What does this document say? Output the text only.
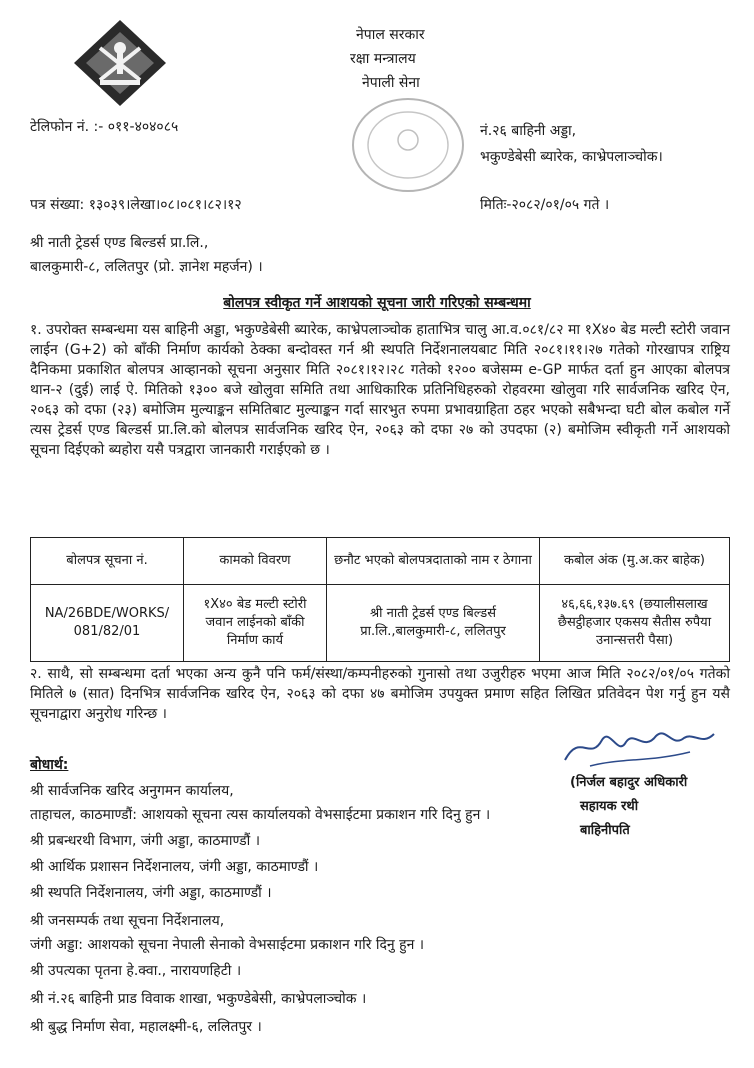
नेपाल सरकार
रक्षा मन्त्रालय
नेपाली सेना
टेलिफोन नं. :- ०११-४०४०८५	नं.२६ बाहिनी अड्डा,
भकुण्डेबेसी ब्यारेक, काभ्रेपलाञ्चोक।
पत्र संख्या: १३०३९।लेखा।०८।०८१।८२।१२	मितिः-२०८२/०१/०५ गते ।
श्री नाती ट्रेडर्स एण्ड बिल्डर्स प्रा.लि.,
बालकुमारी-८, ललितपुर (प्रो. ज्ञानेश महर्जन) ।
बोलपत्र स्वीकृत गर्ने आशयको सूचना जारी गरिएको सम्बन्धमा
१. उपरोक्त सम्बन्धमा यस बाहिनी अड्डा, भकुण्डेबेसी ब्यारेक, काभ्रेपलाञ्चोक हाताभित्र चालु आ.व.०८१/८२ मा १X४० बेड मल्टी स्टोरी जवान लाईन (G+2) को बाँकी निर्माण कार्यको ठेक्का बन्दोवस्त गर्न श्री स्थपति निर्देशनालयबाट मिति २०८१।११।२७ गतेको गोरखापत्र राष्ट्रिय दैनिकमा प्रकाशित बोलपत्र आव्हानको सूचना अनुसार मिति २०८१।१२।२८ गतेको १२०० बजेसम्म e-GP मार्फत दर्ता हुन आएका बोलपत्र थान-२ (दुई) लाई ऐ. मितिको १३०० बजे खोलुवा समिति तथा आधिकारिक प्रतिनिधिहरुको रोहवरमा खोलुवा गरि सार्वजनिक खरिद ऐन, २०६३ को दफा (२३) बमोजिम मुल्याङ्कन समितिबाट मुल्याङ्कन गर्दा सारभुत रुपमा प्रभावग्राहिता ठहर भएको सबैभन्दा घटी बोल कबोल गर्ने त्यस ट्रेडर्स एण्ड बिल्डर्स प्रा.लि.को बोलपत्र सार्वजनिक खरिद ऐन, २०६३ को दफा २७ को उपदफा (२) बमोजिम स्वीकृती गर्ने आशयको सूचना दिईएको ब्यहोरा यसै पत्रद्वारा जानकारी गराईएको छ ।
बोलपत्र सूचना नं.	कामको विवरण	छनौट भएको बोलपत्रदाताको नाम र ठेगाना	कबोल अंक (मु.अ.कर बाहेक)
NA/26BDE/WORKS/ 081/82/01	१X४० बेड मल्टी स्टोरी जवान लाईनको बाँकी निर्माण कार्य	श्री नाती ट्रेडर्स एण्ड बिल्डर्स प्रा.लि.,बालकुमारी-८, ललितपुर	४६,६६,१३७.६९ (छयालीसलाख छैसट्ठीहजार एकसय सैतीस रुपैया उनान्सत्तरी पैसा)
२. साथै, सो सम्बन्धमा दर्ता भएका अन्य कुनै पनि फर्म/संस्था/कम्पनीहरुको गुनासो तथा उजुरीहरु भएमा आज मिति २०८२/०१/०५ गतेको मितिले ७ (सात) दिनभित्र सार्वजनिक खरिद ऐन, २०६३ को दफा ४७ बमोजिम उपयुक्त प्रमाण सहित लिखित प्रतिवेदन पेश गर्नु हुन यसै सूचनाद्वारा अनुरोध गरिन्छ ।
(निर्जल बहादुर अधिकारी
सहायक रथी
बाहिनीपति
बोधार्थ:
श्री सार्वजनिक खरिद अनुगमन कार्यालय,
ताहाचल, काठमाण्डौं: आशयको सूचना त्यस कार्यालयको वेभसाईटमा प्रकाशन गरि दिनु हुन ।
श्री प्रबन्धरथी विभाग, जंगी अड्डा, काठमाण्डौं ।
श्री आर्थिक प्रशासन निर्देशनालय, जंगी अड्डा, काठमाण्डौं ।
श्री स्थपति निर्देशनालय, जंगी अड्डा, काठमाण्डौं ।
श्री जनसम्पर्क तथा सूचना निर्देशनालय,
जंगी अड्डा: आशयको सूचना नेपाली सेनाको वेभसाईटमा प्रकाशन गरि दिनु हुन ।
श्री उपत्यका पृतना हे.क्वा., नारायणहिटी ।
श्री नं.२६ बाहिनी प्राड विवाक शाखा, भकुण्डेबेसी, काभ्रेपलाञ्चोक ।
श्री बुद्ध निर्माण सेवा, महालक्ष्मी-६, ललितपुर ।
